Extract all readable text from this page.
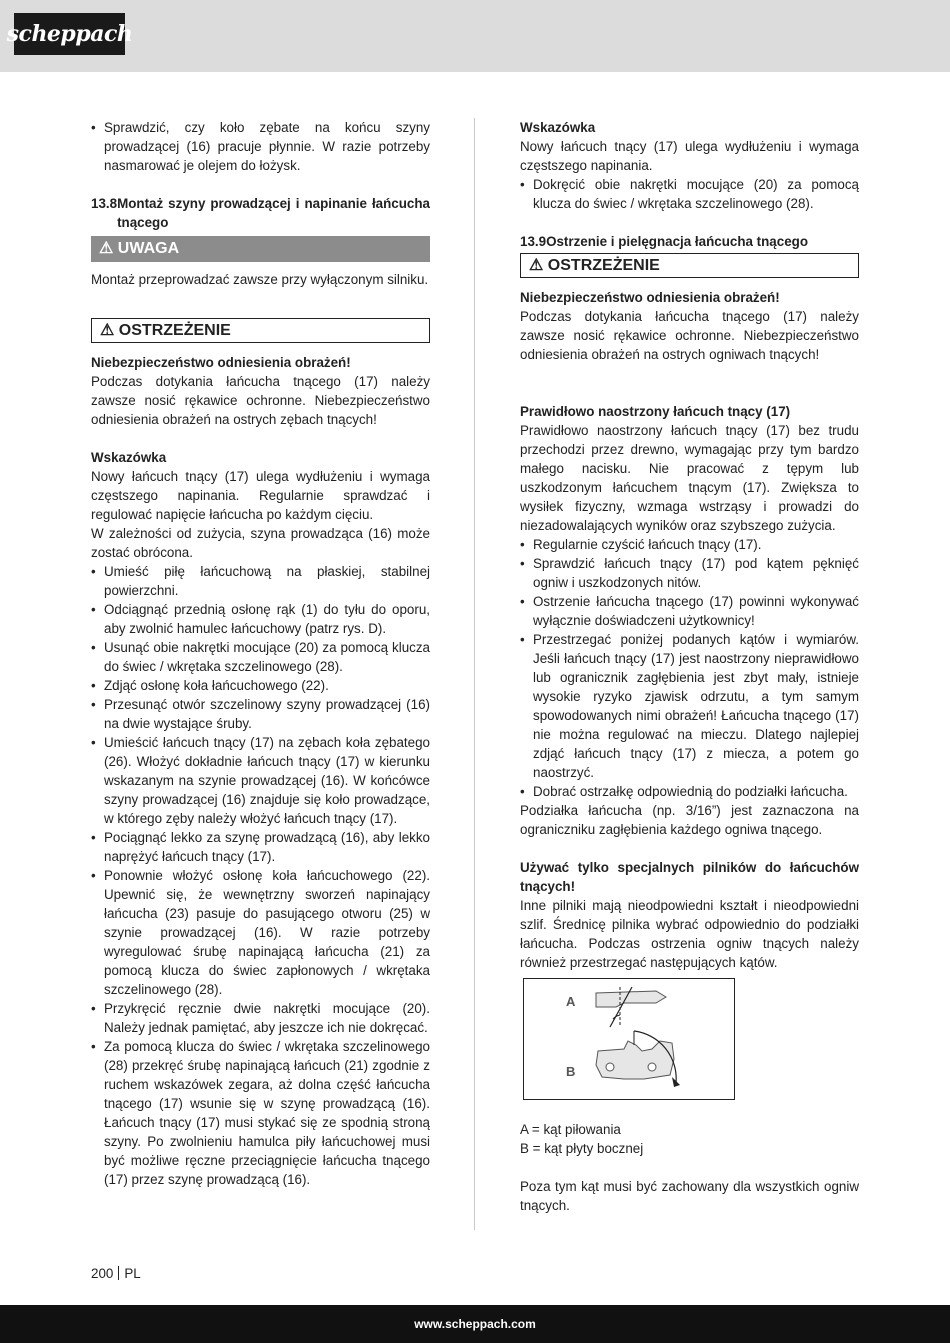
scheppach
• Sprawdzić, czy koło zębate na końcu szyny prowadzącej (16) pracuje płynnie. W razie potrzeby nasmarować je olejem do łożysk.
13.8 Montaż szyny prowadzącej i napinanie łańcucha tnącego
⚠ UWAGA

Montaż przeprowadzać zawsze przy wyłączonym silniku.

⚠ OSTRZEŻENIE

Niebezpieczeństwo odniesienia obrażeń!

Podczas dotykania łańcucha tnącego (17) należy zawsze nosić rękawice ochronne. Niebezpieczeństwo odniesienia obrażeń na ostrych zębach tnących!

Wskazówka

Nowy łańcuch tnący (17) ulega wydłużeniu i wymaga częstszego napinania. Regularnie sprawdzać i regulować napięcie łańcucha po każdym cięciu.

W zależności od zużycia, szyna prowadząca (16) może zostać obrócona.

• Umieść piłę łańcuchową na płaskiej, stabilnej powierzchni.
• Odciągnąć przednią osłonę rąk (1) do tyłu do oporu, aby zwolnić hamulec łańcuchowy (patrz rys. D).
• Usunąć obie nakrętki mocujące (20) za pomocą klucza do świec / wkrętaka szczelinowego (28).
• Zdjąć osłonę koła łańcuchowego (22).
• Przesunąć otwór szczelinowy szyny prowadzącej (16) na dwie wystające śruby.
• Umieścić łańcuch tnący (17) na zębach koła zębatego (26). Włożyć dokładnie łańcuch tnący (17) w kierunku wskazanym na szynie prowadzącej (16). W końcówce szyny prowadzącej (16) znajduje się koło prowadzące, w którego zęby należy włożyć łańcuch tnący (17).
• Pociągnąć lekko za szynę prowadzącą (16), aby lekko naprężyć łańcuch tnący (17).
• Ponownie włożyć osłonę koła łańcuchowego (22). Upewnić się, że wewnętrzny sworzeń napinający łańcucha (23) pasuje do pasującego otworu (25) w szynie prowadzącej (16). W razie potrzeby wyregulować śrubę napinającą łańcucha (21) za pomocą klucza do świec zapłonowych / wkrętaka szczelinowego (28).
• Przykręcić ręcznie dwie nakrętki mocujące (20). Należy jednak pamiętać, aby jeszcze ich nie dokręcać.
• Za pomocą klucza do świec / wkrętaka szczelinowego (28) przekręć śrubę napinającą łańcuch (21) zgodnie z ruchem wskazówek zegara, aż dolna część łańcucha tnącego (17) wsunie się w szynę prowadzącą (16). Łańcuch tnący (17) musi stykać się ze spodnią stroną szyny. Po zwolnieniu hamulca piły łańcuchowej musi być możliwe ręczne przeciągnięcie łańcucha tnącego (17) przez szynę prowadzącą (16).

Wskazówka

Nowy łańcuch tnący (17) ulega wydłużeniu i wymaga częstszego napinania.

• Dokręcić obie nakrętki mocujące (20) za pomocą klucza do świec / wkrętaka szczelinowego (28).
13.9 Ostrzenie i pielęgnacja łańcucha tnącego
⚠ OSTRZEŻENIE

Niebezpieczeństwo odniesienia obrażeń!

Podczas dotykania łańcucha tnącego (17) należy zawsze nosić rękawice ochronne. Niebezpieczeństwo odniesienia obrażeń na ostrych ogniwach tnących!

Prawidłowo naostrzony łańcuch tnący (17)

Prawidłowo naostrzony łańcuch tnący (17) bez trudu przechodzi przez drewno, wymagając przy tym bardzo małego nacisku. Nie pracować z tępym lub uszkodzonym łańcuchem tnącym (17). Zwiększa to wysiłek fizyczny, wzmaga wstrząsy i prowadzi do niezadowalających wyników oraz szybszego zużycia.

• Regularnie czyścić łańcuch tnący (17).
• Sprawdzić łańcuch tnący (17) pod kątem pęknięć ogniw i uszkodzonych nitów.
• Ostrzenie łańcucha tnącego (17) powinni wykonywać wyłącznie doświadczeni użytkownicy!
• Przestrzegać poniżej podanych kątów i wymiarów. Jeśli łańcuch tnący (17) jest naostrzony nieprawidłowo lub ogranicznik zagłębienia jest zbyt mały, istnieje wysokie ryzyko zjawisk odrzutu, a tym samym spowodowanych nimi obrażeń! Łańcucha tnącego (17) nie można regulować na mieczu. Dlatego najlepiej zdjąć łańcuch tnący (17) z miecza, a potem go naostrzyć.
• Dobrać ostrzałkę odpowiednią do podziałki łańcucha.

Podziałka łańcucha (np. 3/16”) jest zaznaczona na ograniczniku zagłębienia każdego ogniwa tnącego.

Używać tylko specjalnych pilników do łańcuchów tnących!

Inne pilniki mają nieodpowiedni kształt i nieodpowiedni szlif. Średnicę pilnika wybrać odpowiednio do podziałki łańcucha. Podczas ostrzenia ogniw tnących należy również przestrzegać następujących kątów.

A
B

A = kąt piłowania

B = kąt płyty bocznej

Poza tym kąt musi być zachowany dla wszystkich ogniw tnących.

200 PL
www.scheppach.com
